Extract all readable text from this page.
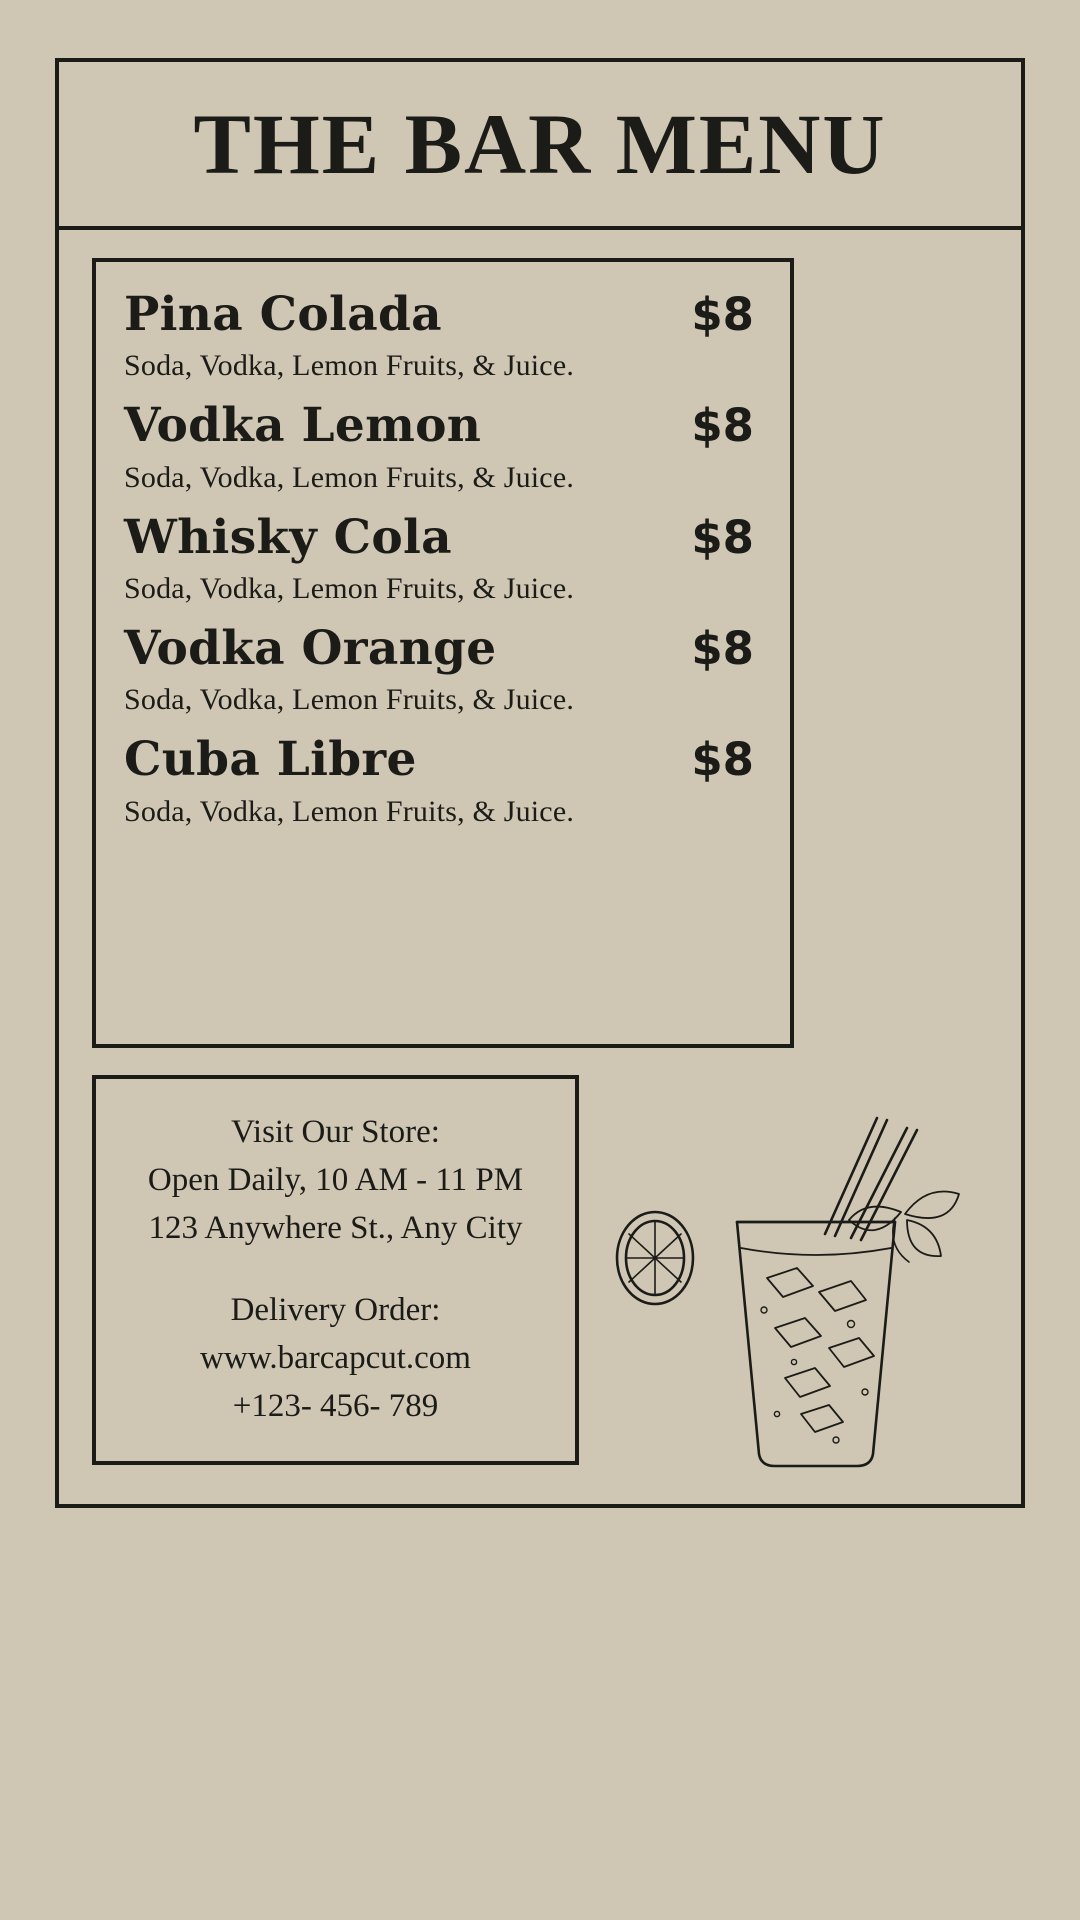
THE BAR MENU
Pina Colada	$8
Soda, Vodka, Lemon Fruits, & Juice.
Vodka Lemon	$8
Soda, Vodka, Lemon Fruits, & Juice.
Whisky Cola	$8
Soda, Vodka, Lemon Fruits, & Juice.
Vodka Orange	$8
Soda, Vodka, Lemon Fruits, & Juice.
Cuba Libre	$8
Soda, Vodka, Lemon Fruits, & Juice.
Visit Our Store:
Open Daily, 10 AM - 11 PM
123 Anywhere St., Any City
Delivery Order:
www.barcapcut.com
+123- 456- 789
